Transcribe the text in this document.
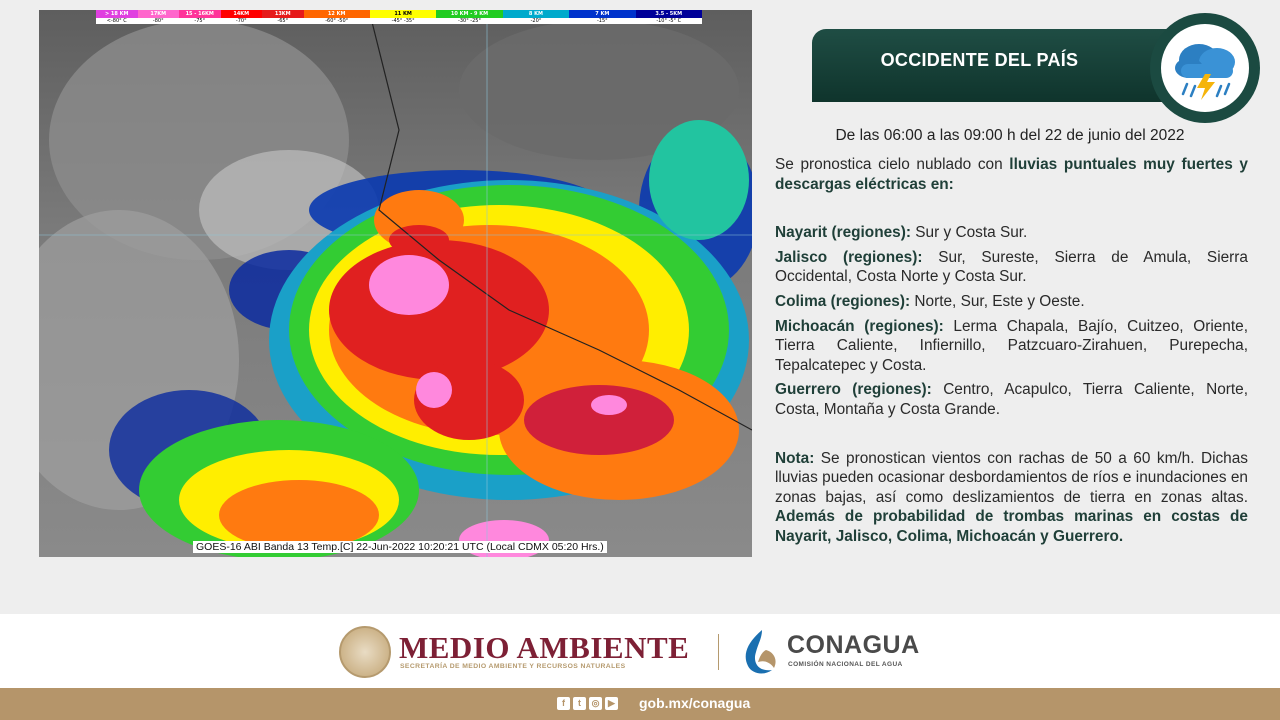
> 18 KM
<-80° C
17KM
-80°
15 - 16KM
-75°
14KM
-70°
13KM
-65°
12 KM
-60° -50°
11 KM
-45° -35°
10 KM - 9 KM
-30° -25°
8 KM
-20°
7 KM
-15°
3.5 - 5KM
-10° -5° C
GOES-16 ABI Banda 13 Temp.[C] 22-Jun-2022 10:20:21 UTC (Local CDMX 05:20 Hrs.)
OCCIDENTE DEL PAÍS
De las 06:00 a las 09:00 h del 22 de junio del 2022

Se pronostica cielo nublado con lluvias puntuales muy fuertes y descargas eléctricas en:

Nayarit (regiones): Sur y Costa Sur.

Jalisco (regiones): Sur, Sureste, Sierra de Amula, Sierra Occidental, Costa Norte y Costa Sur.

Colima (regiones): Norte, Sur, Este y Oeste.

Michoacán (regiones): Lerma Chapala, Bajío, Cuitzeo, Oriente, Tierra Caliente, Infiernillo, Patzcuaro-Zirahuen, Purepecha, Tepalcatepec y Costa.

Guerrero (regiones): Centro, Acapulco, Tierra Caliente, Norte, Costa, Montaña y Costa Grande.

Nota: Se pronostican vientos con rachas de 50 a 60 km/h. Dichas lluvias pueden ocasionar desbordamientos de ríos e inundaciones en zonas bajas, así como deslizamientos de tierra en zonas altas. Además de probabilidad de trombas marinas en costas de Nayarit, Jalisco, Colima, Michoacán y Guerrero.

MEDIO AMBIENTE
SECRETARÍA DE MEDIO AMBIENTE Y RECURSOS NATURALES
CONAGUA
COMISIÓN NACIONAL DEL AGUA
f	t	◎ ▶ gob.mx/conagua
